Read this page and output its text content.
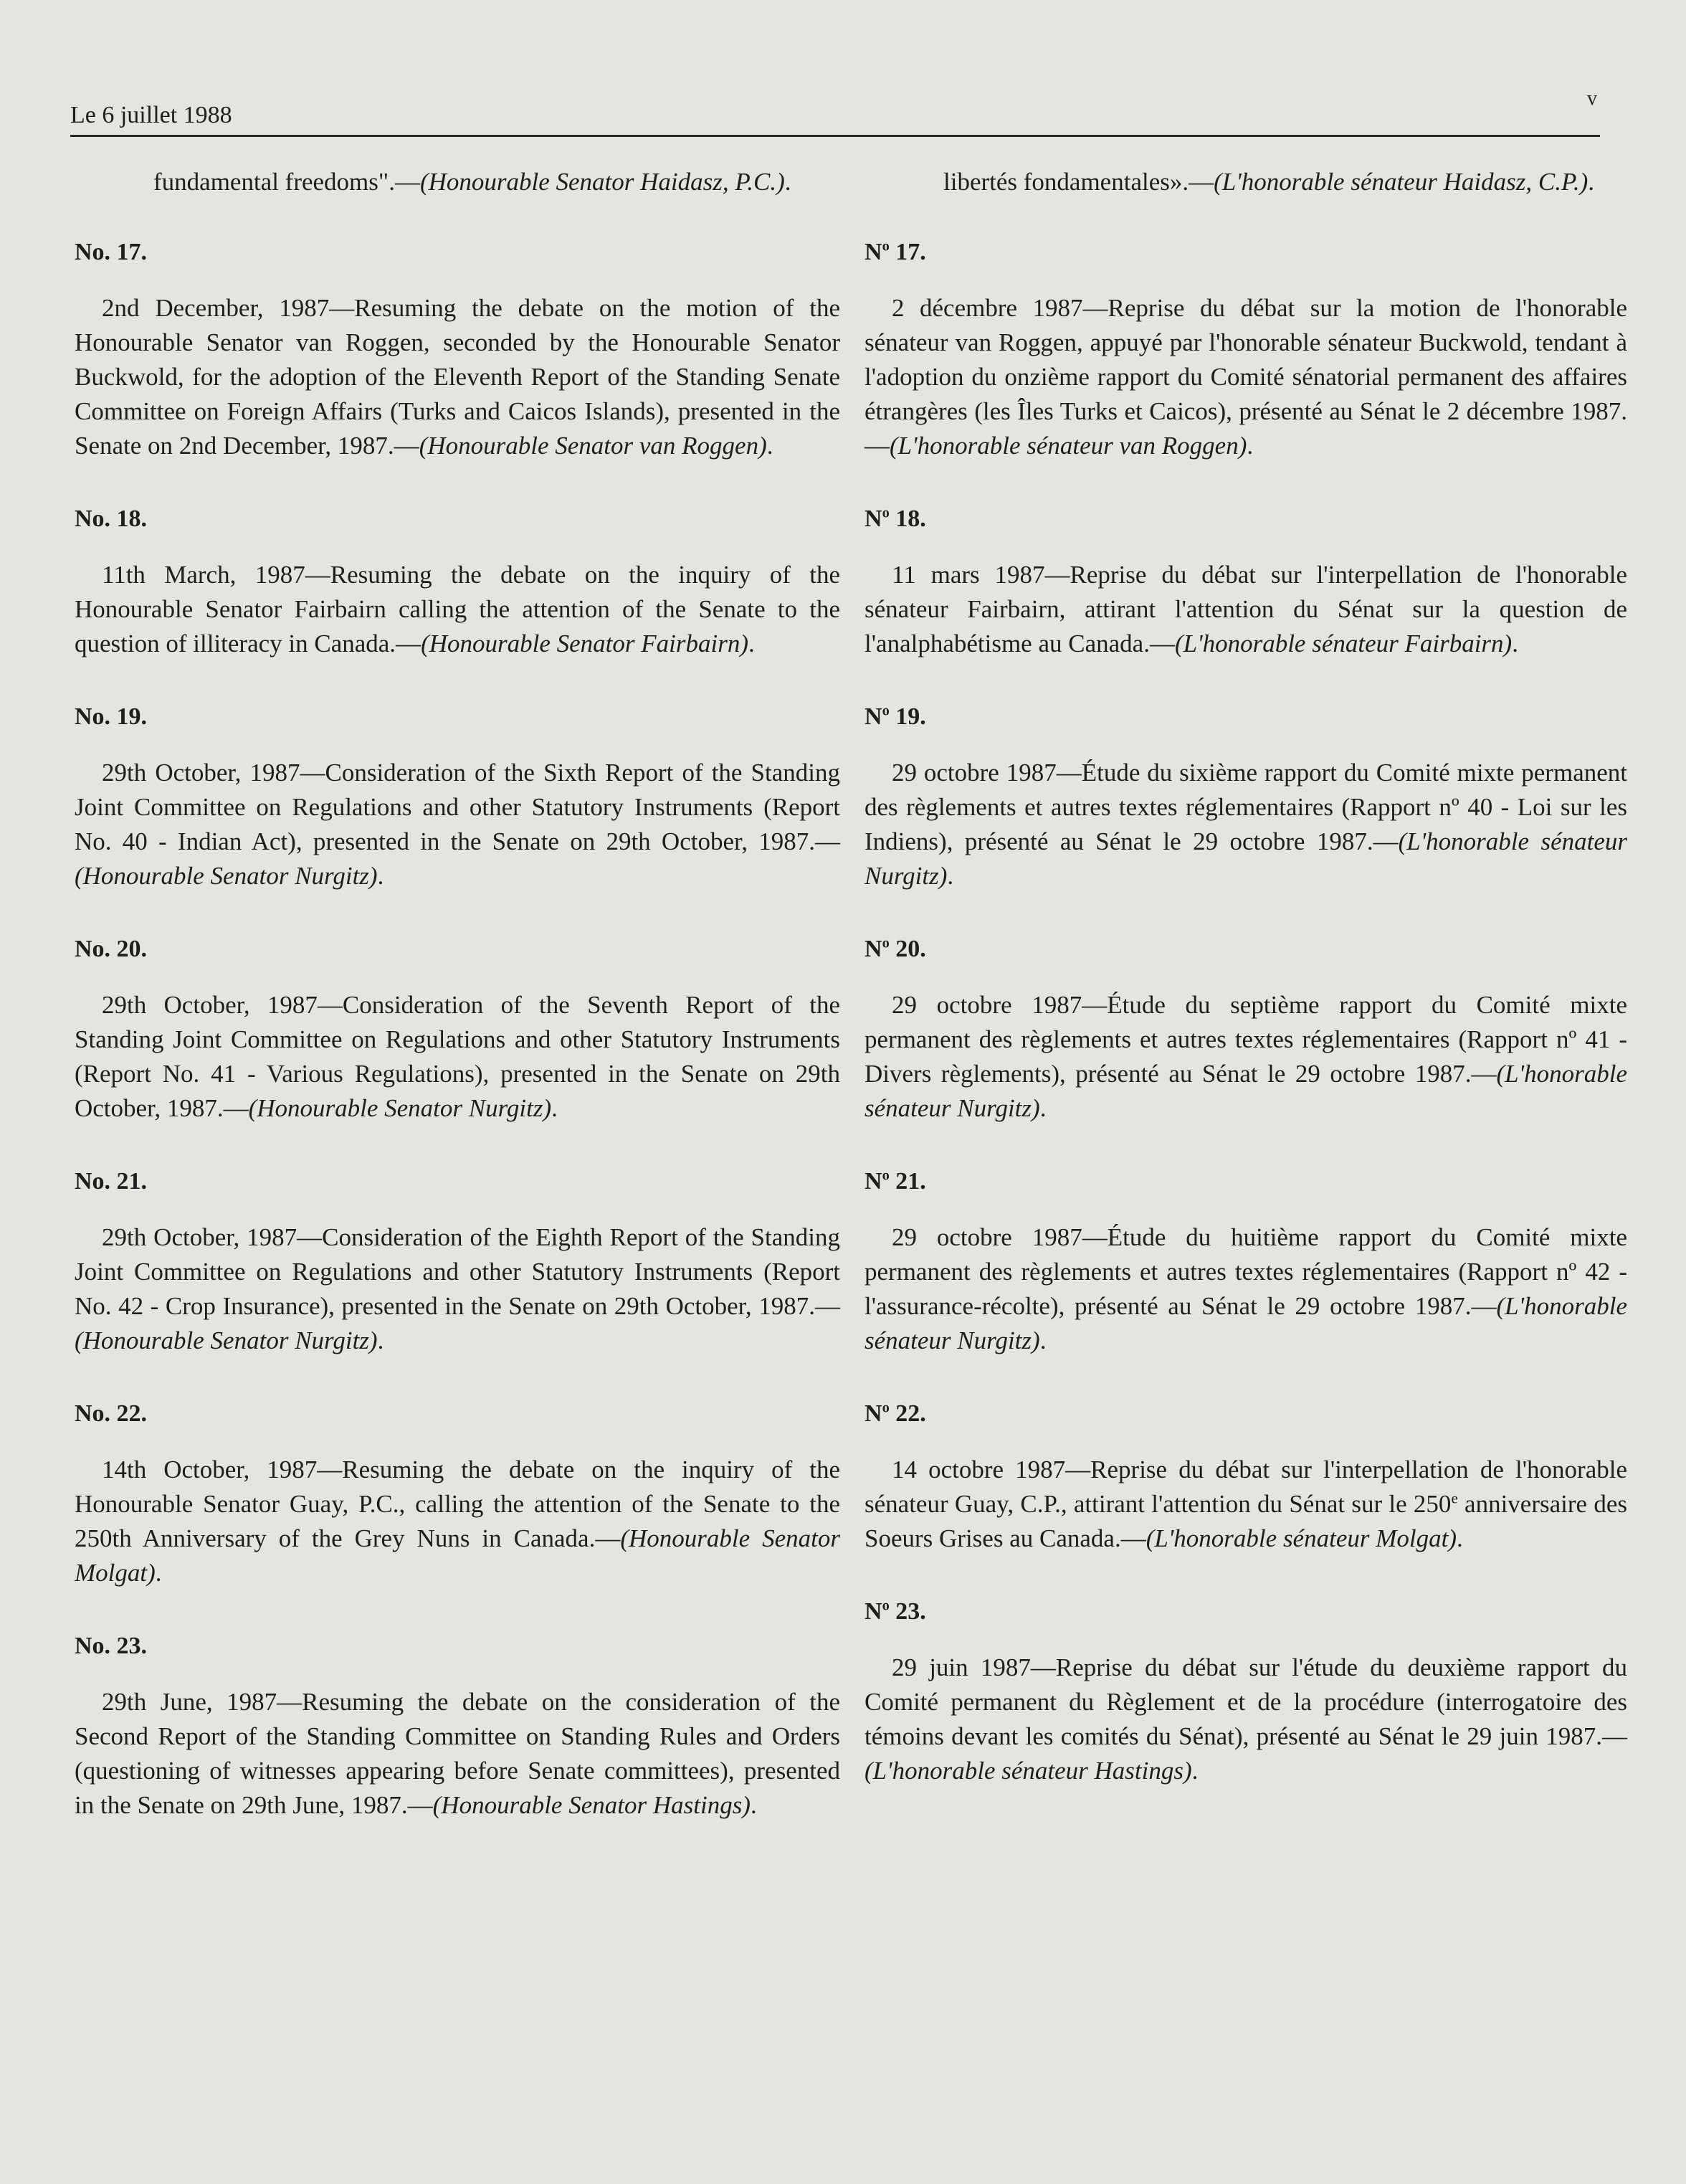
Le 6 juillet 1988
v

fundamental freedoms".—(Honourable Senator Haidasz, P.C.).

No. 17.

2nd December, 1987—Resuming the debate on the motion of the Honourable Senator van Roggen, seconded by the Honourable Senator Buckwold, for the adoption of the Eleventh Report of the Standing Senate Committee on Foreign Affairs (Turks and Caicos Islands), presented in the Senate on 2nd December, 1987.—(Honourable Senator van Roggen).

No. 18.

11th March, 1987—Resuming the debate on the inquiry of the Honourable Senator Fairbairn calling the attention of the Senate to the question of illiteracy in Canada.—(Honourable Senator Fairbairn).

No. 19.

29th October, 1987—Consideration of the Sixth Report of the Standing Joint Committee on Regulations and other Statutory Instruments (Report No. 40 - Indian Act), presented in the Senate on 29th October, 1987.—(Honourable Senator Nurgitz).

No. 20.

29th October, 1987—Consideration of the Seventh Report of the Standing Joint Committee on Regulations and other Statutory Instruments (Report No. 41 - Various Regulations), presented in the Senate on 29th October, 1987.—(Honourable Senator Nurgitz).

No. 21.

29th October, 1987—Consideration of the Eighth Report of the Standing Joint Committee on Regulations and other Statutory Instruments (Report No. 42 - Crop Insurance), presented in the Senate on 29th October, 1987.—(Honourable Senator Nurgitz).

No. 22.

14th October, 1987—Resuming the debate on the inquiry of the Honourable Senator Guay, P.C., calling the attention of the Senate to the 250th Anniversary of the Grey Nuns in Canada.—(Honourable Senator Molgat).

No. 23.

29th June, 1987—Resuming the debate on the consideration of the Second Report of the Standing Committee on Standing Rules and Orders (questioning of witnesses appearing before Senate committees), presented in the Senate on 29th June, 1987.—(Honourable Senator Hastings).

libertés fondamentales».—(L'honorable sénateur Haidasz, C.P.).

$N^o$ 17.

2 décembre 1987—Reprise du débat sur la motion de l'honorable sénateur van Roggen, appuyé par l'honorable sénateur Buckwold, tendant à l'adoption du onzième rapport du Comité sénatorial permanent des affaires étrangères (les Îles Turks et Caicos), présenté au Sénat le 2 décembre 1987.—(L'honorable sénateur van Roggen).

$N^o$ 18.

11 mars 1987—Reprise du débat sur l'interpellation de l'honorable sénateur Fairbairn, attirant l'attention du Sénat sur la question de l'analphabétisme au Canada.—(L'honorable sénateur Fairbairn).

$N^o$ 19.

29 octobre 1987—Étude du sixième rapport du Comité mixte permanent des règlements et autres textes réglementaires (Rapport nº 40 - Loi sur les Indiens), présenté au Sénat le 29 octobre 1987.—(L'honorable sénateur Nurgitz).

$N^o$ 20.

29 octobre 1987—Étude du septième rapport du Comité mixte permanent des règlements et autres textes réglementaires (Rapport nº 41 - Divers règlements), présenté au Sénat le 29 octobre 1987.—(L'honorable sénateur Nurgitz).

$N^o$ 21.

29 octobre 1987—Étude du huitième rapport du Comité mixte permanent des règlements et autres textes réglementaires (Rapport nº 42 - l'assurance-récolte), présenté au Sénat le 29 octobre 1987.—(L'honorable sénateur Nurgitz).

$N^o$ 22.

14 octobre 1987—Reprise du débat sur l'interpellation de l'honorable sénateur Guay, C.P., attirant l'attention du Sénat sur le 250e anniversaire des Soeurs Grises au Canada.—(L'honorable sénateur Molgat).

$N^o$ 23.

29 juin 1987—Reprise du débat sur l'étude du deuxième rapport du Comité permanent du Règlement et de la procédure (interrogatoire des témoins devant les comités du Sénat), présenté au Sénat le 29 juin 1987.—(L'honorable sénateur Hastings).
